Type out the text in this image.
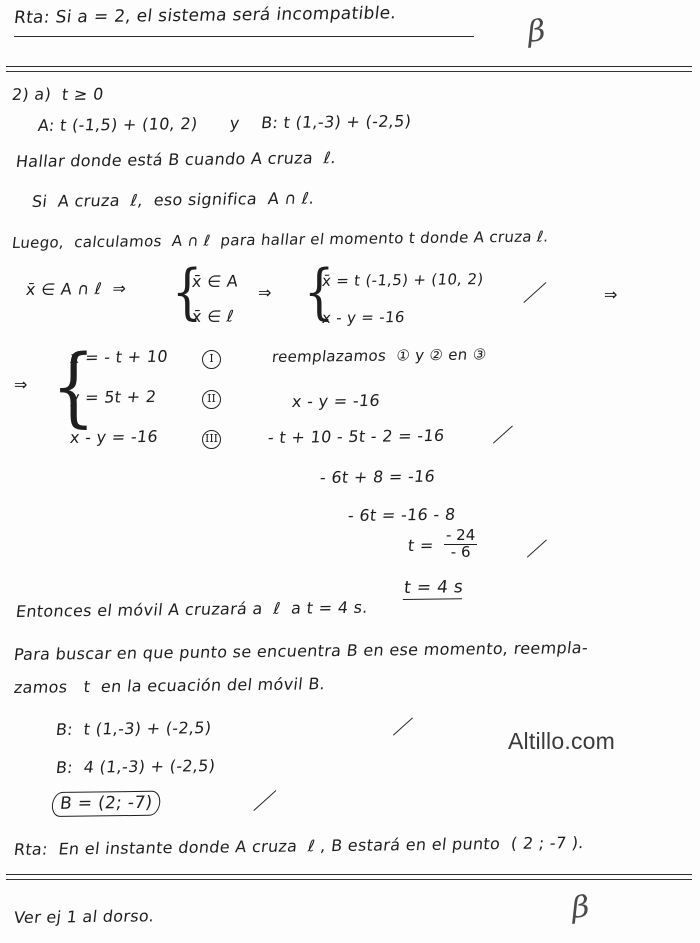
Rta: Si a = 2, el sistema será incompatible.	β
2) a) t ≥ 0
A: t (-1,5) + (10, 2)      y    B: t (1,-3) + (-2,5)
Hallar donde está B cuando A cruza  ℓ.
Si  A cruza  ℓ,  eso significa  A ∩ ℓ.
Luego,  calculamos  A ∩ ℓ  para hallar el momento t donde A cruza ℓ.
x̄ ∈ A ∩ ℓ  ⇒ {
x̄ ∈ A
x̄ ∈ ℓ
⇒ {
x̄ = t (-1,5) + (10, 2)
x - y = -16
⇒
⇒ {
x = - t + 10	I
y = 5t + 2	II
x - y = -16	III
reemplazamos  ① y ② en ③
x - y = -16
- t + 10 - 5t - 2 = -16
- 6t + 8 = -16
- 6t = -16 - 8
$t = \frac{- 24}{- 6}$
t = 4 s
Entonces el móvil A cruzará a  ℓ  a t = 4 s.
Para buscar en que punto se encuentra B en ese momento, reempla-
zamos   t  en la ecuación del móvil B.
B:  t (1,-3) + (-2,5)
B:  4 (1,-3) + (-2,5)
B = (2; -7)
Altillo.com
Rta:  En el instante donde A cruza  ℓ , B estará en el punto  ( 2 ; -7 ).
Ver ej 1 al dorso.	β
